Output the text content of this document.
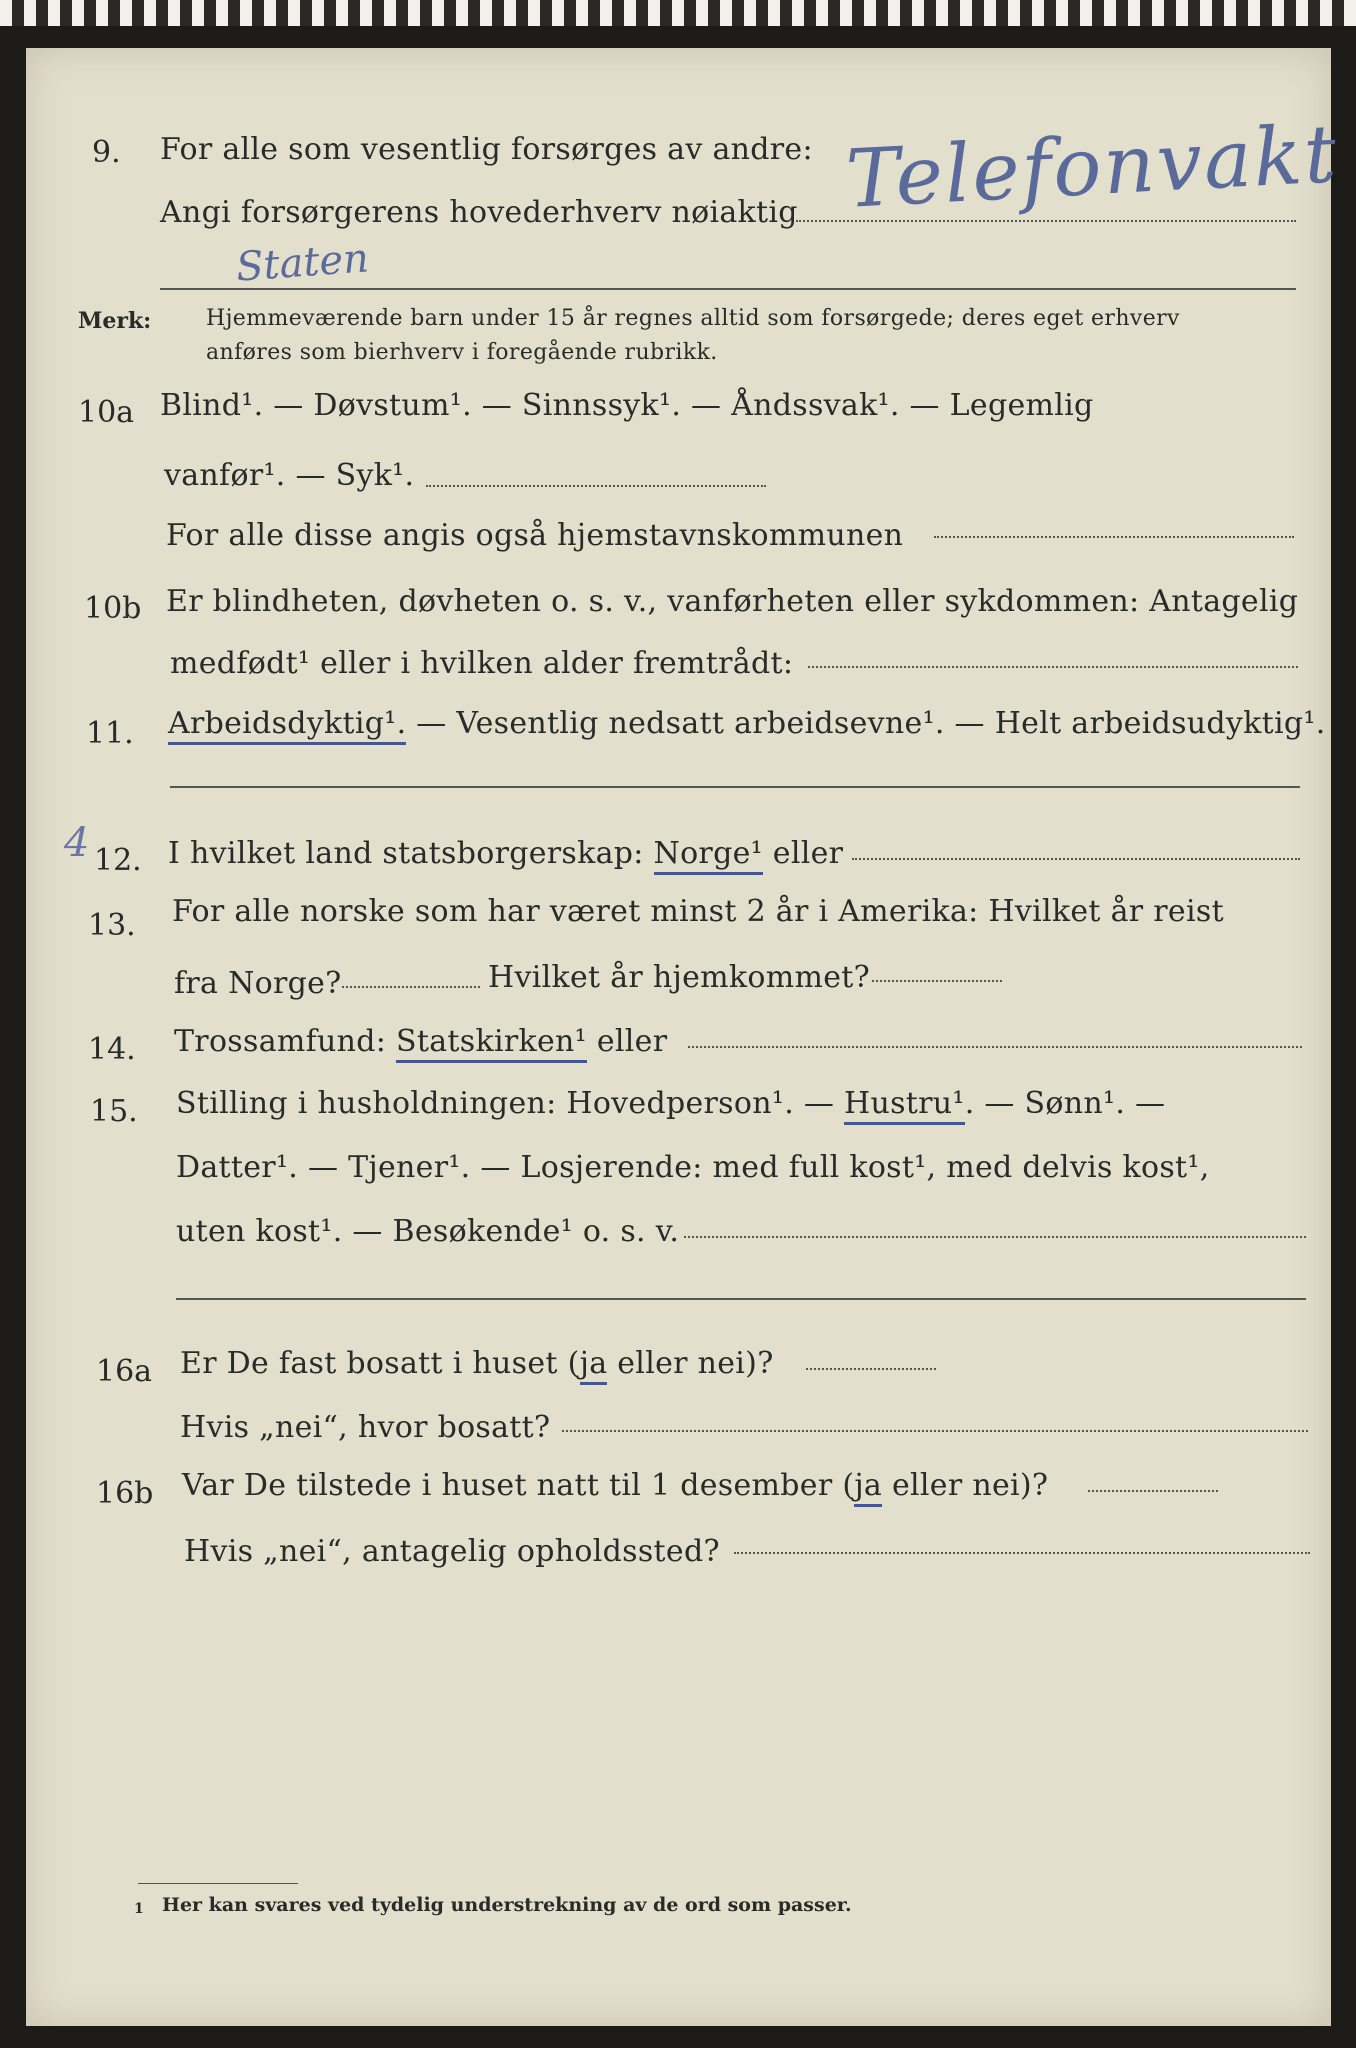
9. For alle som vesentlig forsørges av andre:
Angi forsørgerens hovederhverv nøiaktig Telefonvakt
Staten
Merk: Hjemmeværende barn under 15 år regnes alltid som forsørgede; deres eget erhverv
anføres som bierhverv i foregående rubrikk.
10a Blind¹. — Døvstum¹. — Sinnssyk¹. — Åndssvak¹. — Legemlig
vanfør¹. — Syk¹.
For alle disse angis også hjemstavnskommunen
10b Er blindheten, døvheten o. s. v., vanførheten eller sykdommen: Antagelig
medfødt¹ eller i hvilken alder fremtrådt:
11. Arbeidsdyktig¹. — Vesentlig nedsatt arbeidsevne¹. — Helt arbeidsudyktig¹.
4 12. I hvilket land statsborgerskap: Norge¹ eller
13. For alle norske som har været minst 2 år i Amerika: Hvilket år reist
fra Norge?	Hvilket år hjemkommet?
14. Trossamfund: Statskirken¹ eller
15. Stilling i husholdningen: Hovedperson¹. — Hustru¹. — Sønn¹. —
Datter¹. — Tjener¹. — Losjerende: med full kost¹, med delvis kost¹,
uten kost¹. — Besøkende¹ o. s. v.
16a Er De fast bosatt i huset (ja eller nei)?
Hvis „nei“, hvor bosatt?
16b Var De tilstede i huset natt til 1 desember (ja eller nei)?
Hvis „nei“, antagelig opholdssted?
1 Her kan svares ved tydelig understrekning av de ord som passer.
